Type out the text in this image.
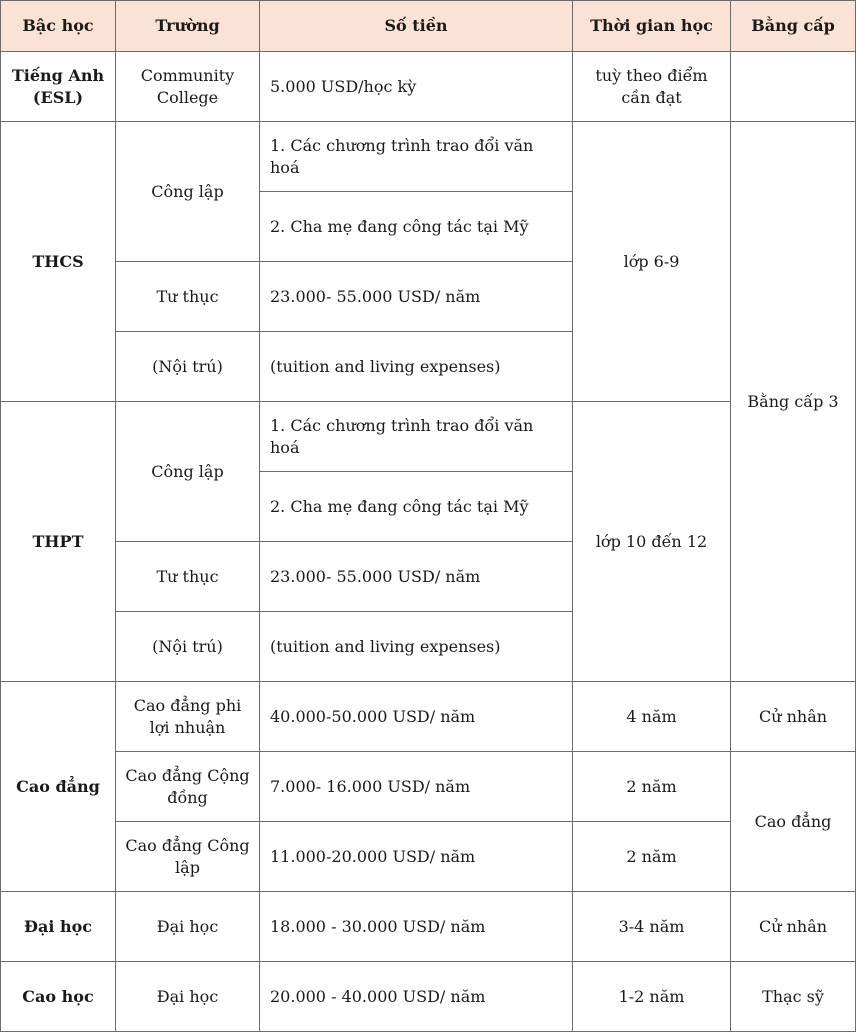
Bậc học	Trường	Số tiền	Thời gian học	Bằng cấp
Tiếng Anh (ESL)	Community College	5.000 USD/học kỳ	tuỳ theo điểm cần đạt	
THCS	Công lập	1. Các chương trình trao đổi văn hoá	lớp 6-9	Bằng cấp 3
		2. Cha mẹ đang công tác tại Mỹ		
	Tư thục	23.000- 55.000 USD/ năm		
	(Nội trú)	(tuition and living expenses)		
THPT	Công lập	1. Các chương trình trao đổi văn hoá	lớp 10 đến 12	
		2. Cha mẹ đang công tác tại Mỹ		
	Tư thục	23.000- 55.000 USD/ năm		
	(Nội trú)	(tuition and living expenses)		
Cao đẳng	Cao đẳng phi lợi nhuận	40.000-50.000 USD/ năm	4 năm	Cử nhân
	Cao đẳng Cộng đồng	7.000- 16.000 USD/ năm	2 năm	Cao đẳng
	Cao đẳng Công lập	11.000-20.000 USD/ năm	2 năm	
Đại học	Đại học	18.000 - 30.000 USD/ năm	3-4 năm	Cử nhân
Cao học	Đại học	20.000 - 40.000 USD/ năm	1-2 năm	Thạc sỹ
